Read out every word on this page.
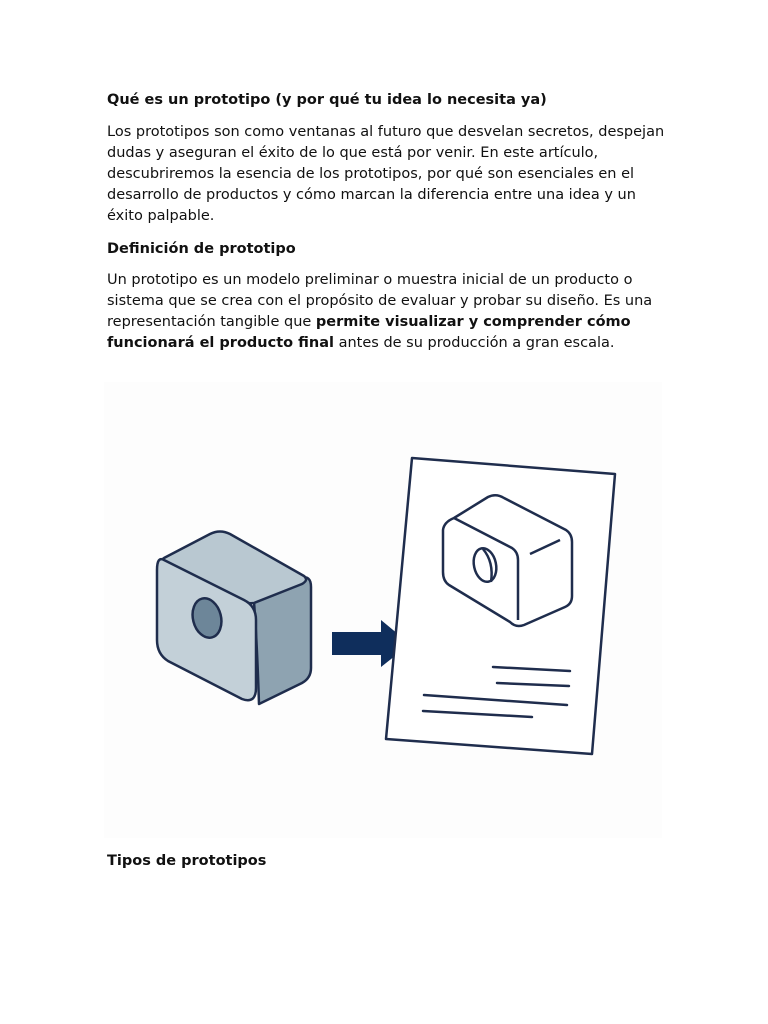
Qué es un prototipo (y por qué tu idea lo necesita ya)

Los prototipos son como ventanas al futuro que desvelan secretos, despejan dudas y aseguran el éxito de lo que está por venir. En este artículo, descubriremos la esencia de los prototipos, por qué son esenciales en el desarrollo de productos y cómo marcan la diferencia entre una idea y un éxito palpable.

Definición de prototipo

Un prototipo es un modelo preliminar o muestra inicial de un producto o sistema que se crea con el propósito de evaluar y probar su diseño. Es una representación tangible que permite visualizar y comprender cómo funcionará el producto final antes de su producción a gran escala.

Tipos de prototipos
